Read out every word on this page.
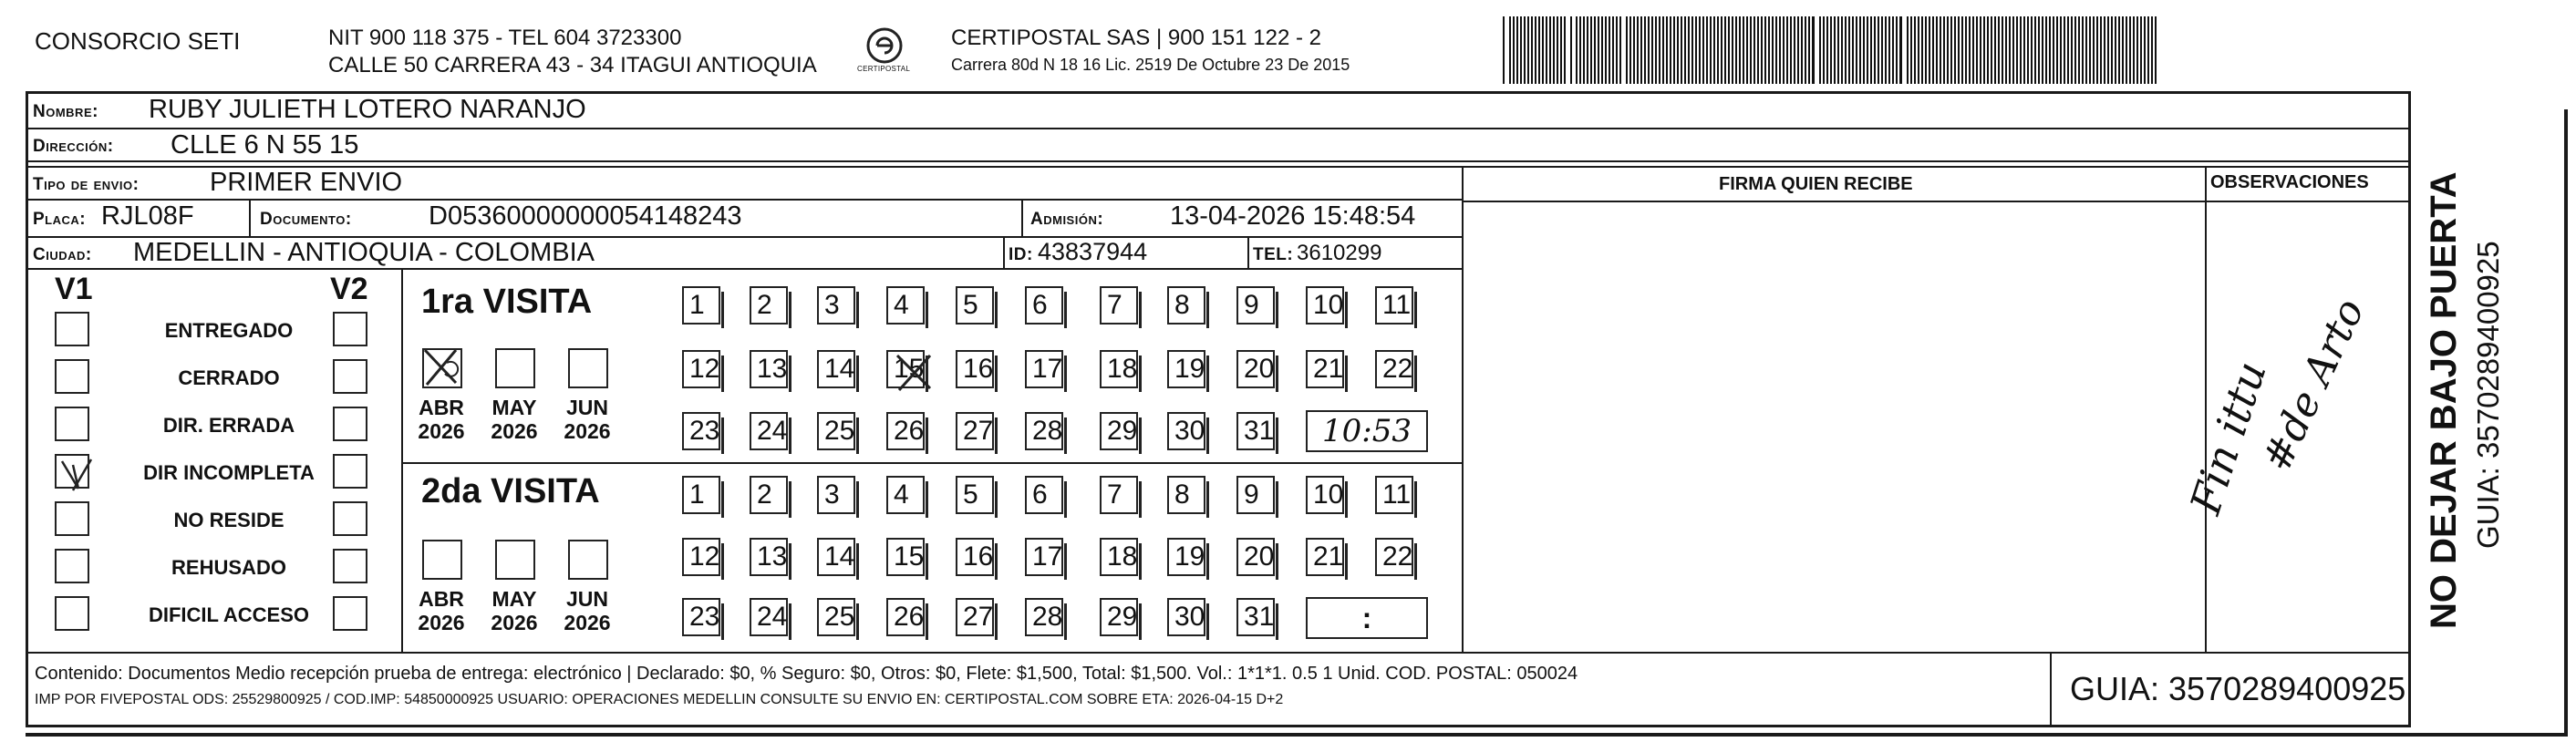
CONSORCIO SETI	NIT 900 118 375 - TEL 604 3723300
CALLE 50 CARRERA 43 - 34 ITAGUI ANTIOQUIA	CERTIPOSTAL
CERTIPOSTAL SAS | 900 151 122 - 2
Carrera 80d N 18 16 Lic. 2519 De Octubre 23 De 2015
Nombre: RUBY JULIETH LOTERO NARANJO
Dirección: CLLE 6 N 55 15
Tipo de envio:	PRIMER ENVIO	FIRMA QUIEN RECIBE	OBSERVACIONES
Placa: RJL08F	Documento:	D05360000000054148243	Admisión:	13-04-2026 15:48:54
Ciudad: MEDELLIN - ANTIOQUIA - COLOMBIA	ID: 43837944	TEL: 3610299
V1	V2
ENTREGADO
CERRADO
DIR. ERRADA
DIR INCOMPLETA
NO RESIDE
REHUSADO
DIFICIL ACCESO
1ra VISITA
2da VISITA
ABR
2026
MAY
2026
JUN
2026
ABR
2026
MAY
2026
JUN
2026
1	2	3	4	5	6	7	8	9	10 11
12 13 14 15 16 17 18 19 20 21 22
23 24 25 26 27 28 29 30 31
1	2	3	4	5	6	7	8	9	10 11
12 13 14 15 16 17 18 19 20 21 22
23 24 25 26 27 28 29 30 31
10:53
:
Fin ittu
#de Arto
Contenido: Documentos Medio recepción prueba de entrega: electrónico | Declarado: $0, % Seguro: $0, Otros: $0, Flete: $1,500, Total: $1,500. Vol.: 1*1*1. 0.5 1 Unid. COD. POSTAL: 050024
IMP POR FIVEPOSTAL ODS: 25529800925 / COD.IMP: 54850000925 USUARIO: OPERACIONES MEDELLIN CONSULTE SU ENVIO EN: CERTIPOSTAL.COM SOBRE ETA: 2026-04-15 D+2	GUIA: 3570289400925
NO DEJAR BAJO PUERTA GUIA: 3570289400925
